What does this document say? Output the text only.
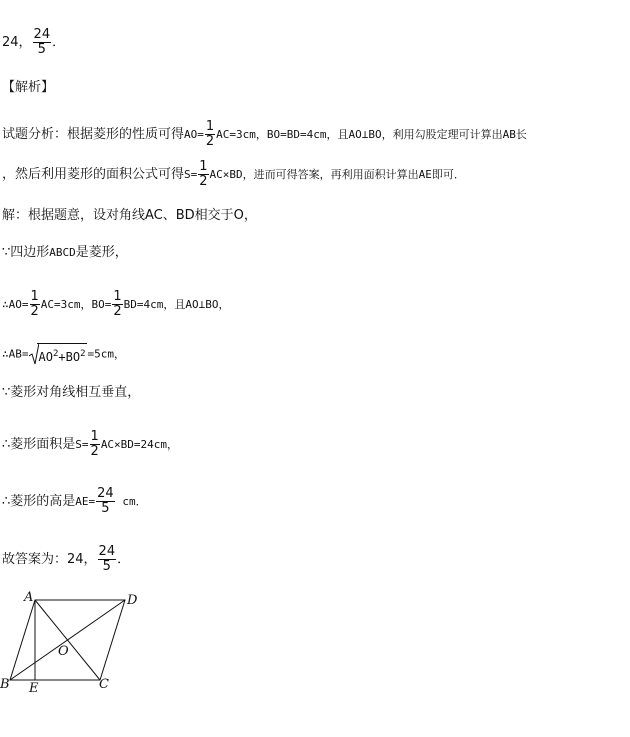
24， $\frac{24}{5}$ ．
【解析】
试题分析：根据菱形的性质可得$AO= \frac{1}{2} AC=3cm$，BO=BD=4cm，且AO⊥BO，利用勾股定理可计算出AB长
，然后利用菱形的面积公式可得$S= \frac{1}{2} AC\times BD$，进而可得答案，再利用面积计算出AE即可．
解：根据题意，设对角线AC、BD相交于O，
∵四边形ABCD是菱形，
∴AO= $\frac{1}{2} AC=3cm$，$BO= \frac{1}{2} BD=4cm$，且AO⊥BO，
∴AB= $AO^2+BO^2 =5cm$，
∵菱形对角线相互垂直，
∴菱形面积是$S= \frac{1}{2} AC\times BD=24cm$，
∴菱形的高是$AE= \frac{24}{5}$ cm．
故答案为：24， $\frac{24}{5}$ ．
A	D
B	C
O
E
